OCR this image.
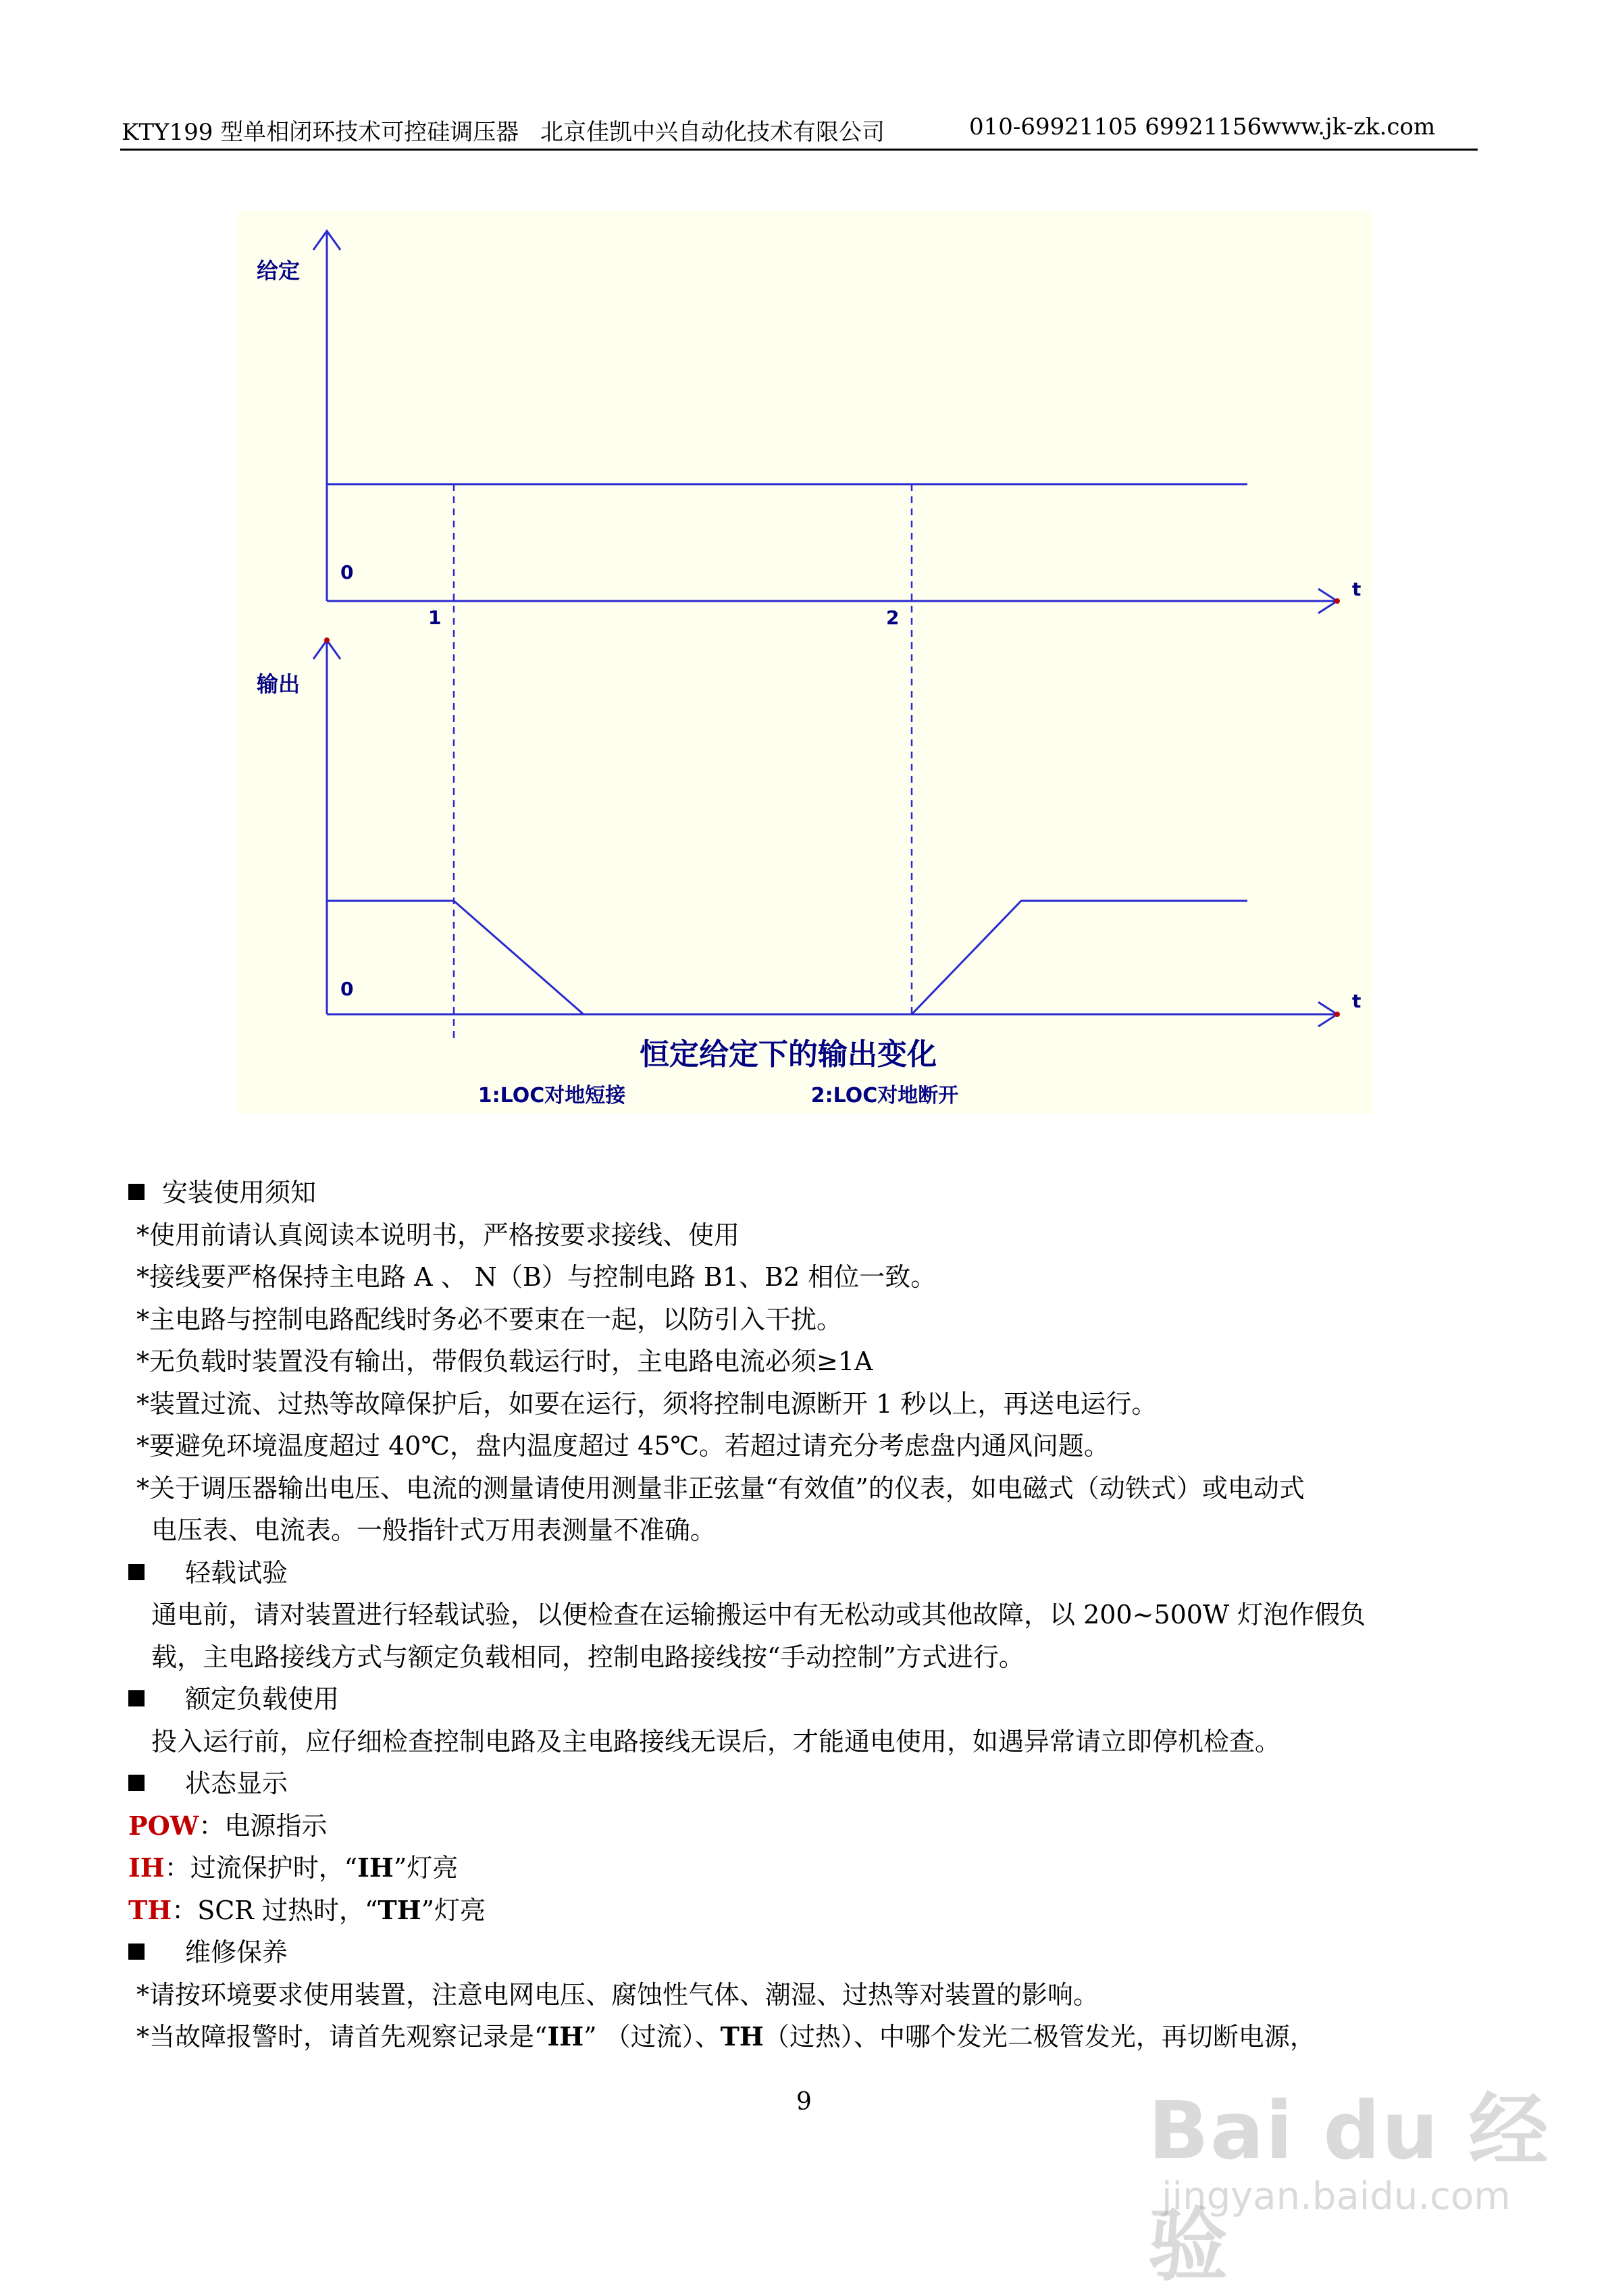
KTY199 型单相闭环技术可控硅调压器 北京佳凯中兴自动化技术有限公司	010-69921105 69921156 www.jk-zk.com
给定
0
t
1	2
输出
0
t
恒定给定下的输出变化
1:LOC对地短接	2:LOC对地断开
安装使用须知
*使用前请认真阅读本说明书，严格按要求接线、使用
*接线要严格保持主电路 A 、 N（B）与控制电路 B1、B2 相位一致。
*主电路与控制电路配线时务必不要束在一起，以防引入干扰。
*无负载时装置没有输出，带假负载运行时，主电路电流必须≥1A
*装置过流、过热等故障保护后，如要在运行，须将控制电源断开 1 秒以上，再送电运行。
*要避免环境温度超过 40℃，盘内温度超过 45℃。若超过请充分考虑盘内通风问题。
*关于调压器输出电压、电流的测量请使用测量非正弦量“有效值”的仪表，如电磁式（动铁式）或电动式
电压表、电流表。一般指针式万用表测量不准确。
轻载试验
通电前，请对装置进行轻载试验，以便检查在运输搬运中有无松动或其他故障，以 200~500W 灯泡作假负
载，主电路接线方式与额定负载相同，控制电路接线按“手动控制”方式进行。
额定负载使用
投入运行前，应仔细检查控制电路及主电路接线无误后，才能通电使用，如遇异常请立即停机检查。
状态显示
POW：电源指示
IH：过流保护时，“IH”灯亮
TH：SCR 过热时，“TH”灯亮
维修保养
*请按环境要求使用装置，注意电网电压、腐蚀性气体、潮湿、过热等对装置的影响。
*当故障报警时，请首先观察记录是“IH” （过流）、TH（过热）、中哪个发光二极管发光，再切断电源，
9	Bai du 经验
jingyan.baidu.com
